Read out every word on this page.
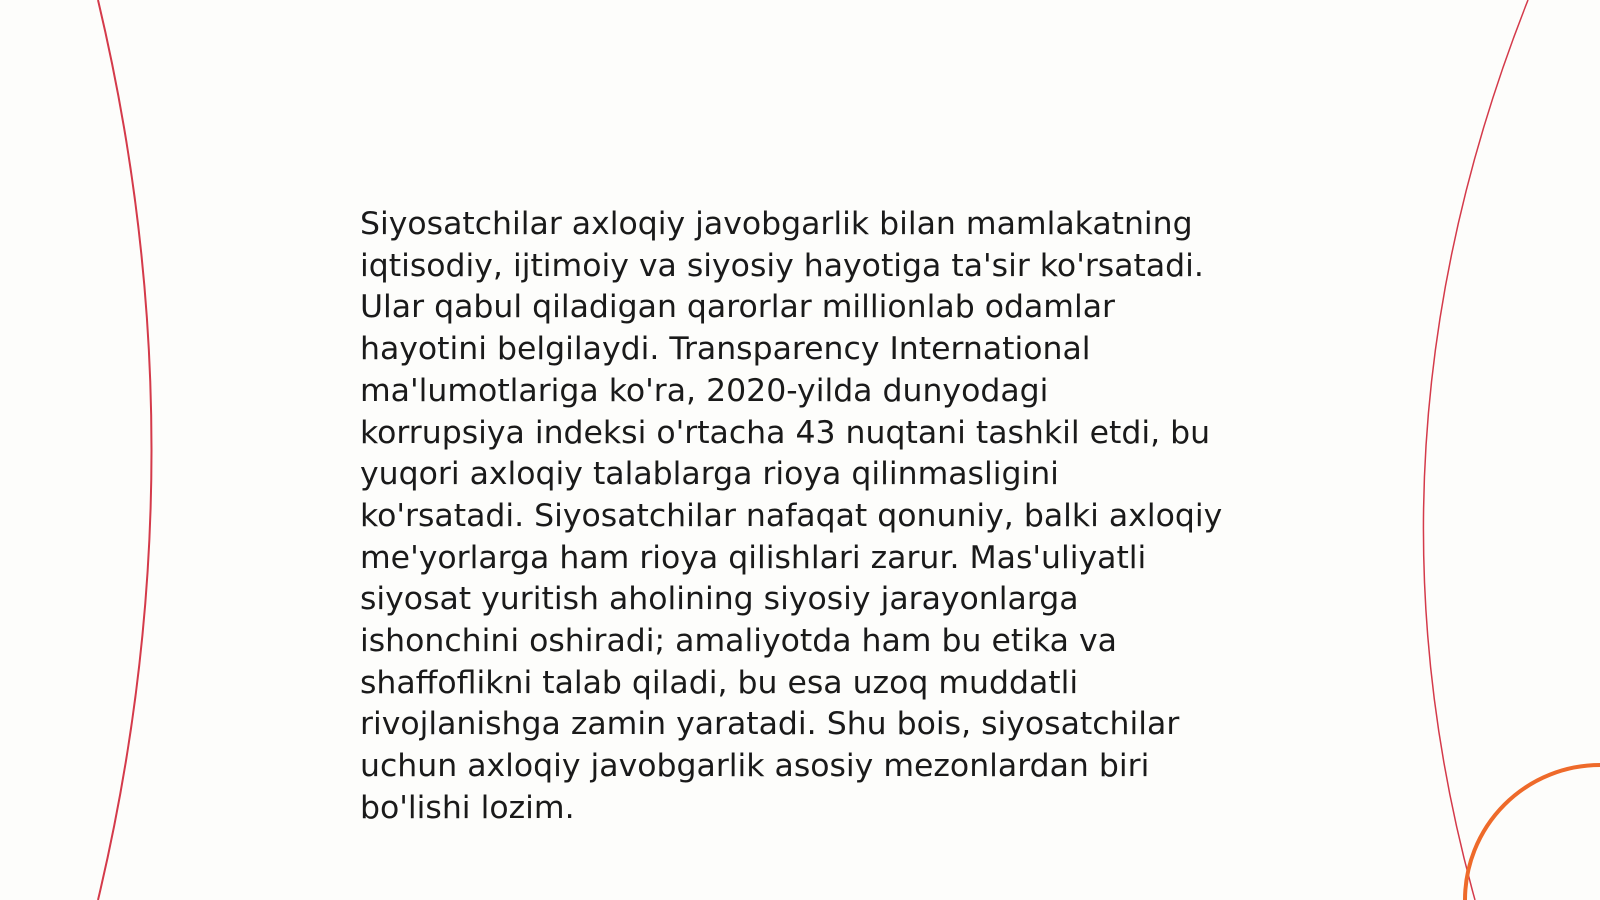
Siyosatchilar axloqiy javobgarlik bilan mamlakatning
iqtisodiy, ijtimoiy va siyosiy hayotiga ta'sir ko'rsatadi.
Ular qabul qiladigan qarorlar millionlab odamlar
hayotini belgilaydi. Transparency International
ma'lumotlariga ko'ra, 2020-yilda dunyodagi
korrupsiya indeksi o'rtacha 43 nuqtani tashkil etdi, bu
yuqori axloqiy talablarga rioya qilinmasligini
ko'rsatadi. Siyosatchilar nafaqat qonuniy, balki axloqiy
me'yorlarga ham rioya qilishlari zarur. Mas'uliyatli
siyosat yuritish aholining siyosiy jarayonlarga
ishonchini oshiradi; amaliyotda ham bu etika va
shaffoflikni talab qiladi, bu esa uzoq muddatli
rivojlanishga zamin yaratadi. Shu bois, siyosatchilar
uchun axloqiy javobgarlik asosiy mezonlardan biri
bo'lishi lozim.
